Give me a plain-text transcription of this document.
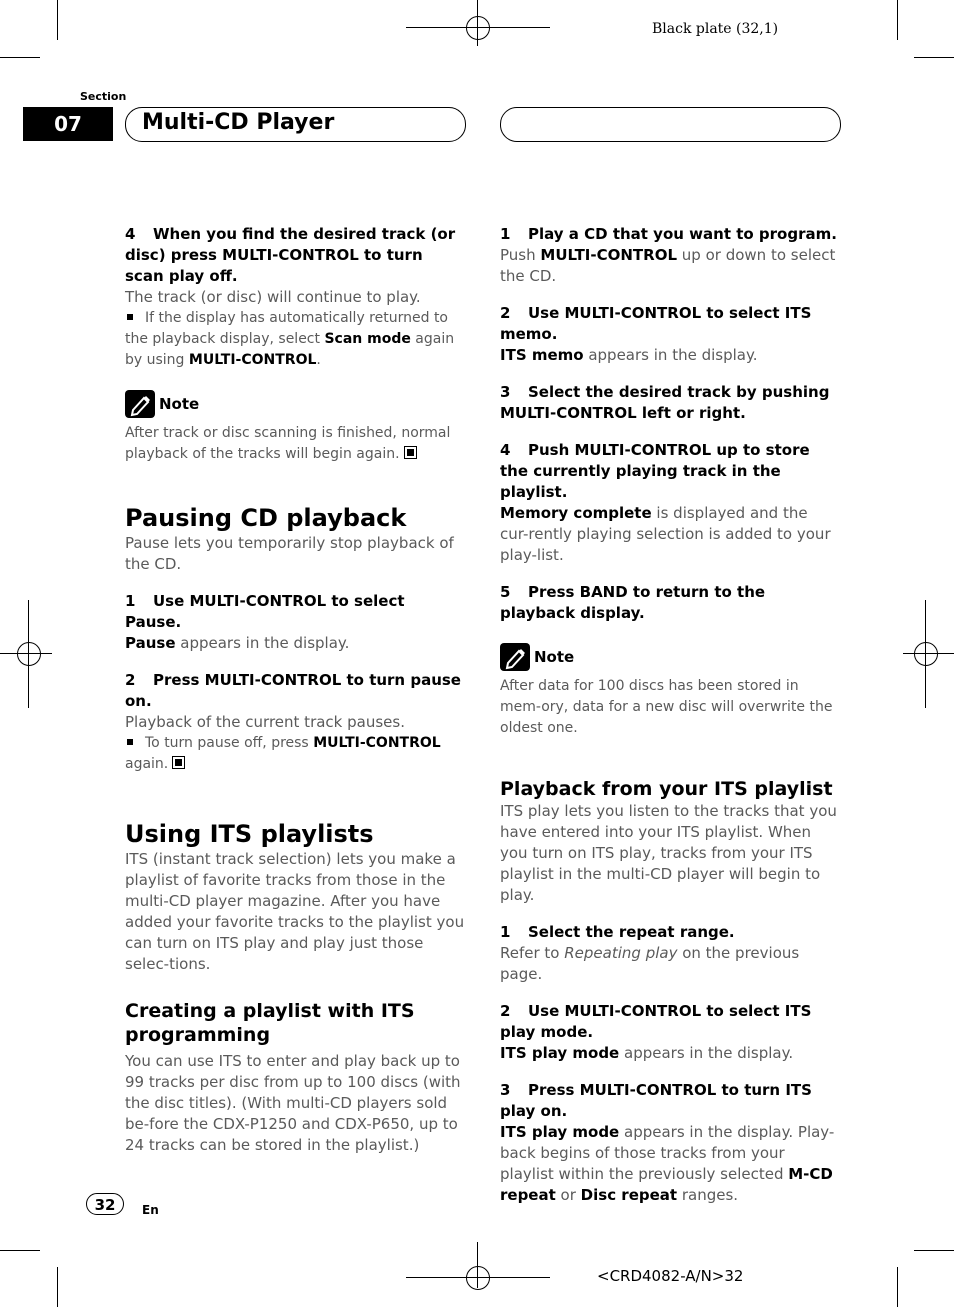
Black plate (32,1)
Section
07	Multi-CD Player

4 When you find the desired track (or disc) press MULTI-CONTROL to turn scan play off.

The track (or disc) will continue to play.

If the display has automatically returned to the playback display, select Scan mode again by using MULTI-CONTROL.

Note

After track or disc scanning is finished, normal playback of the tracks will begin again.

Pausing CD playback

Pause lets you temporarily stop playback of the CD.

1 Use MULTI-CONTROL to select Pause.

Pause appears in the display.

2 Press MULTI-CONTROL to turn pause on.

Playback of the current track pauses.

To turn pause off, press MULTI-CONTROL
again.

Using ITS playlists

ITS (instant track selection) lets you make a playlist of favorite tracks from those in the multi-CD player magazine. After you have added your favorite tracks to the playlist you can turn on ITS play and play just those selec-tions.

Creating a playlist with ITS programming

You can use ITS to enter and play back up to 99 tracks per disc from up to 100 discs (with the disc titles). (With multi-CD players sold be-fore the CDX-P1250 and CDX-P650, up to 24 tracks can be stored in the playlist.)

1 Play a CD that you want to program.

Push MULTI-CONTROL up or down to select the CD.

2 Use MULTI-CONTROL to select ITS memo.

ITS memo appears in the display.

3 Select the desired track by pushing MULTI-CONTROL left or right.

4 Push MULTI-CONTROL up to store the currently playing track in the playlist.

Memory complete is displayed and the cur-rently playing selection is added to your play-list.

5 Press BAND to return to the playback display.

Note

After data for 100 discs has been stored in mem-ory, data for a new disc will overwrite the oldest one.

Playback from your ITS playlist

ITS play lets you listen to the tracks that you have entered into your ITS playlist. When you turn on ITS play, tracks from your ITS playlist in the multi-CD player will begin to play.

1 Select the repeat range.

Refer to Repeating play on the previous page.

2 Use MULTI-CONTROL to select ITS play mode.

ITS play mode appears in the display.

3 Press MULTI-CONTROL to turn ITS play on.

ITS play mode appears in the display. Play-back begins of those tracks from your playlist within the previously selected M-CD repeat or Disc repeat ranges.

32	En
<CRD4082-A/N>32
